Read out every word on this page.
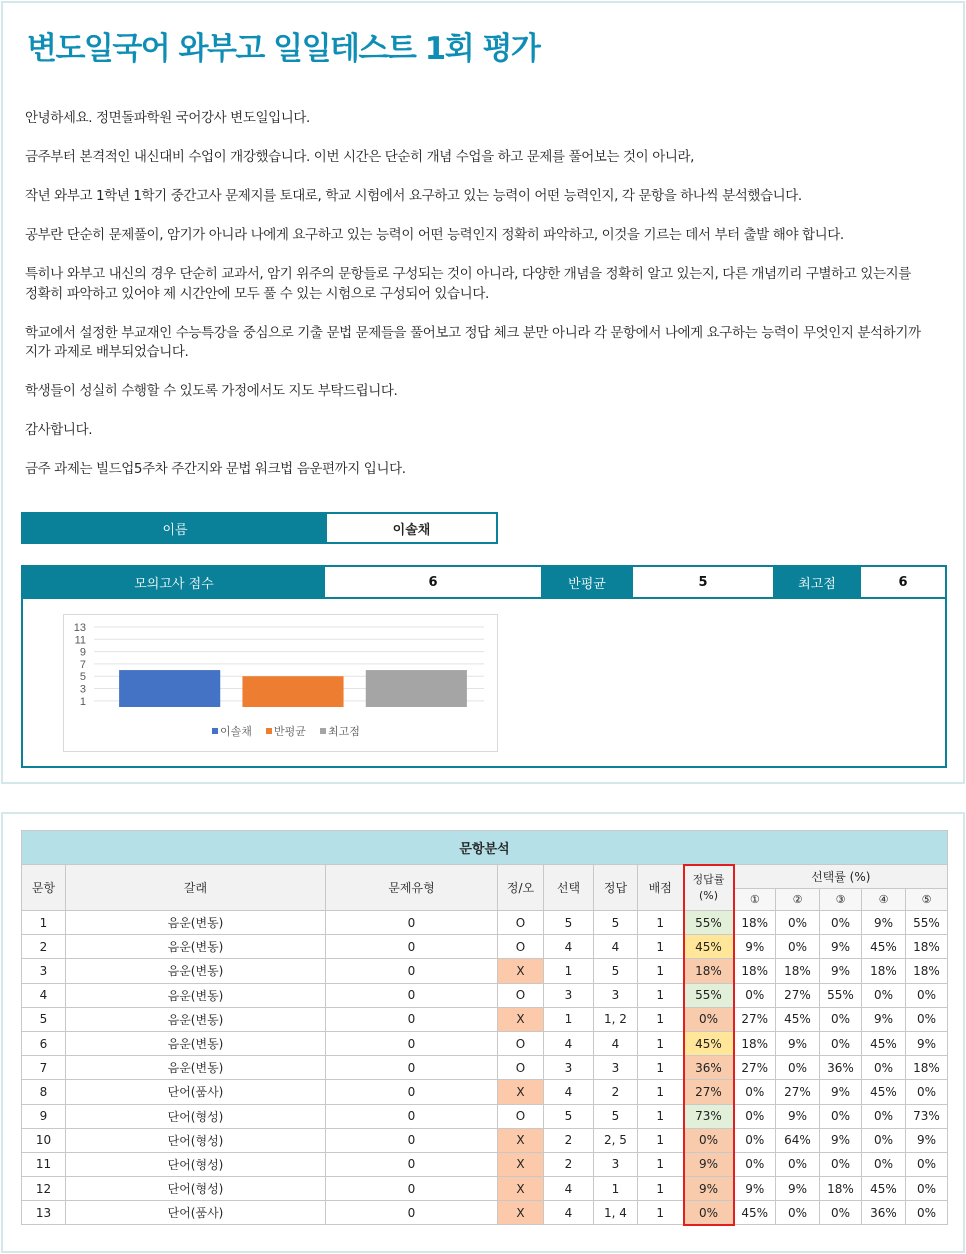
변도일국어 와부고 일일테스트 1회 평가

안녕하세요. 정면돌파학원 국어강사 변도일입니다.

금주부터 본격적인 내신대비 수업이 개강했습니다. 이번 시간은 단순히 개념 수업을 하고 문제를 풀어보는 것이 아니라,

작년 와부고 1학년 1학기 중간고사 문제지를 토대로, 학교 시험에서 요구하고 있는 능력이 어떤 능력인지, 각 문항을 하나씩 분석했습니다.

공부란 단순히 문제풀이, 암기가 아니라 나에게 요구하고 있는 능력이 어떤 능력인지 정확히 파악하고, 이것을 기르는 데서 부터 출발 해야 합니다.

특히나 와부고 내신의 경우 단순히 교과서, 암기 위주의 문항들로 구성되는 것이 아니라, 다양한 개념을 정확히 알고 있는지, 다른 개념끼리 구별하고 있는지를
정확히 파악하고 있어야 제 시간안에 모두 풀 수 있는 시험으로 구성되어 있습니다.

학교에서 설정한 부교재인 수능특강을 중심으로 기출 문법 문제들을 풀어보고 정답 체크 분만 아니라 각 문항에서 나에게 요구하는 능력이 무엇인지 분석하기까
지가 과제로 배부되었습니다.

학생들이 성실히 수행할 수 있도록 가정에서도 지도 부탁드립니다.

감사합니다.

금주 과제는 빌드업5주차 주간지와 문법 워크법 음운편까지 입니다.

이름	이솔채
모의고사 점수	6	반평균	5	최고점	6
13
11
9
7
5
3
1
이솔채 반평균 최고점
문항분석												
문항	갈래	문제유형	정/오	선택	정답	배점	정답률
(%)	선택률 (%)				
								①	②	③	④	⑤
1	음운(변동)	0	O	5	5	1	55%	18%	0%	0%	9%	55%
2	음운(변동)	0	O	4	4	1	45%	9%	0%	9%	45%	18%
3	음운(변동)	0	X	1	5	1	18%	18%	18%	9%	18%	18%
4	음운(변동)	0	O	3	3	1	55%	0%	27%	55%	0%	0%
5	음운(변동)	0	X	1	1, 2	1	0%	27%	45%	0%	9%	0%
6	음운(변동)	0	O	4	4	1	45%	18%	9%	0%	45%	9%
7	음운(변동)	0	O	3	3	1	36%	27%	0%	36%	0%	18%
8	단어(품사)	0	X	4	2	1	27%	0%	27%	9%	45%	0%
9	단어(형성)	0	O	5	5	1	73%	0%	9%	0%	0%	73%
10	단어(형성)	0	X	2	2, 5	1	0%	0%	64%	9%	0%	9%
11	단어(형성)	0	X	2	3	1	9%	0%	0%	0%	0%	0%
12	단어(형성)	0	X	4	1	1	9%	9%	9%	18%	45%	0%
13	단어(품사)	0	X	4	1, 4	1	0%	45%	0%	0%	36%	0%
